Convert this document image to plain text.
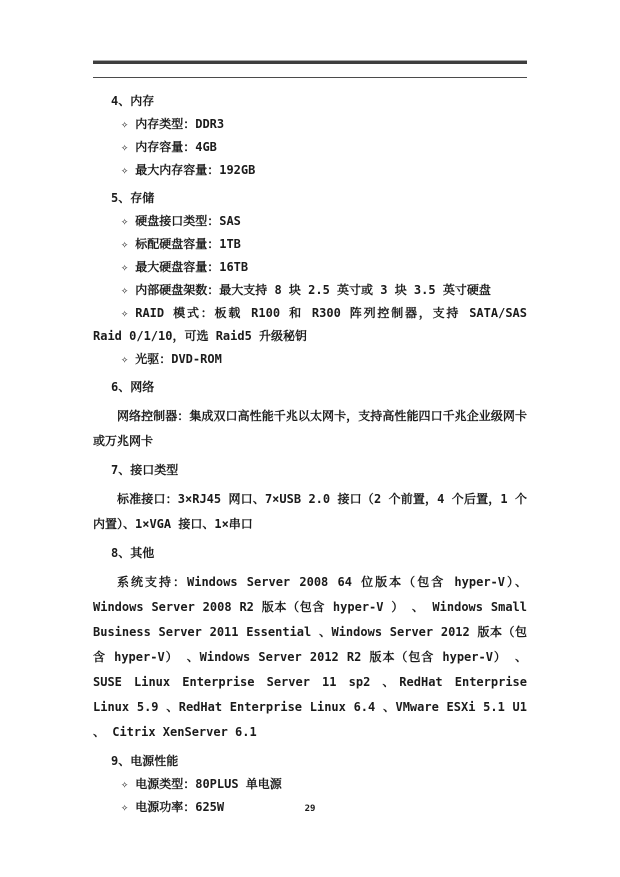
4、内存

✧ 内存类型：DDR3

✧ 内存容量：4GB

✧ 最大内存容量：192GB

5、存储

✧ 硬盘接口类型：SAS

✧ 标配硬盘容量：1TB

✧ 最大硬盘容量：16TB

✧ 内部硬盘架数：最大支持 8 块 2.5 英寸或 3 块 3.5 英寸硬盘

✧ RAID 模式：板载 R100 和 R300 阵列控制器，支持 SATA/SAS Raid 0/1/10，可选 Raid5 升级秘钥

✧ 光驱：DVD-ROM

6、网络

网络控制器：集成双口高性能千兆以太网卡，支持高性能四口千兆企业级网卡或万兆网卡

7、接口类型

标准接口：3×RJ45 网口、7×USB 2.0 接口（2 个前置，4 个后置，1 个内置）、1×VGA 接口、1×串口

8、其他

系统支持：Windows Server 2008 64 位版本（包含 hyper-V）、Windows Server 2008 R2 版本（包含 hyper-V ） 、 Windows Small Business Server 2011 Essential 、Windows Server 2012 版本（包含 hyper-V） 、Windows Server 2012 R2 版本（包含 hyper-V） 、SUSE Linux Enterprise Server 11 sp2 、RedHat Enterprise Linux 5.9 、RedHat Enterprise Linux 6.4 、VMware ESXi 5.1 U1 、 Citrix XenServer 6.1

9、电源性能

✧ 电源类型：80PLUS 单电源

✧ 电源功率：625W	29
